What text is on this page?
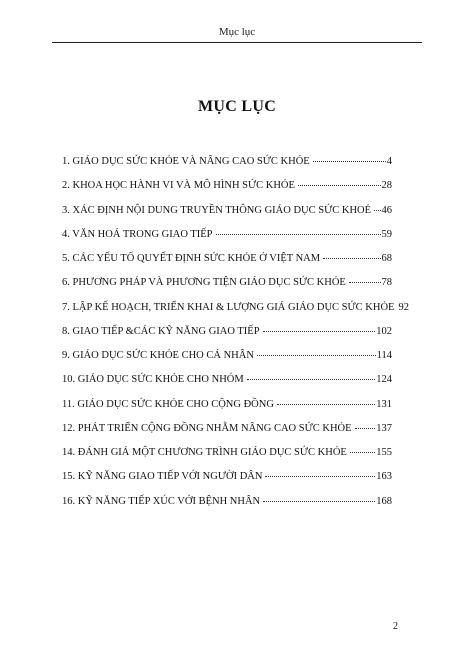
Mục lục
MỤC LỤC
1. GIÁO DỤC SỨC KHỎE VÀ NÂNG CAO SỨC KHỎE	4
2. KHOA HỌC HÀNH VI VÀ MÔ HÌNH SỨC KHỎE	28
3. XÁC ĐỊNH NỘI DUNG TRUYỀN THÔNG GIÁO DỤC SỨC KHOẺ 46
4. VĂN HOÁ TRONG GIAO TIẾP	59
5. CÁC YẾU TỐ QUYẾT ĐỊNH SỨC KHỎE Ở VIỆT NAM	68
6. PHƯƠNG PHÁP VÀ PHƯƠNG TIỆN GIÁO DỤC SỨC KHỎE	78
7. LẬP KẾ HOẠCH, TRIỂN KHAI & LƯỢNG GIÁ GIÁO DỤC SỨC KHỎE 92
8. GIAO TIẾP &CÁC KỸ NĂNG GIAO TIẾP	102
9. GIÁO DỤC SỨC KHỎE CHO CÁ NHÂN	114
10. GIÁO DỤC SỨC KHỎE CHO NHÓM	124
11. GIÁO DỤC SỨC KHỎE CHO CỘNG ĐỒNG	131
12. PHÁT TRIỂN CỘNG ĐỒNG NHẰM NÂNG CAO SỨC KHỎE 137
14. ĐÁNH GIÁ MỘT CHƯƠNG TRÌNH GIÁO DỤC SỨC KHỎE	155
15. KỸ NĂNG GIAO TIẾP VỚI NGƯỜI DÂN	163
16. KỸ NĂNG TIẾP XÚC VỚI BỆNH NHÂN	168
2
